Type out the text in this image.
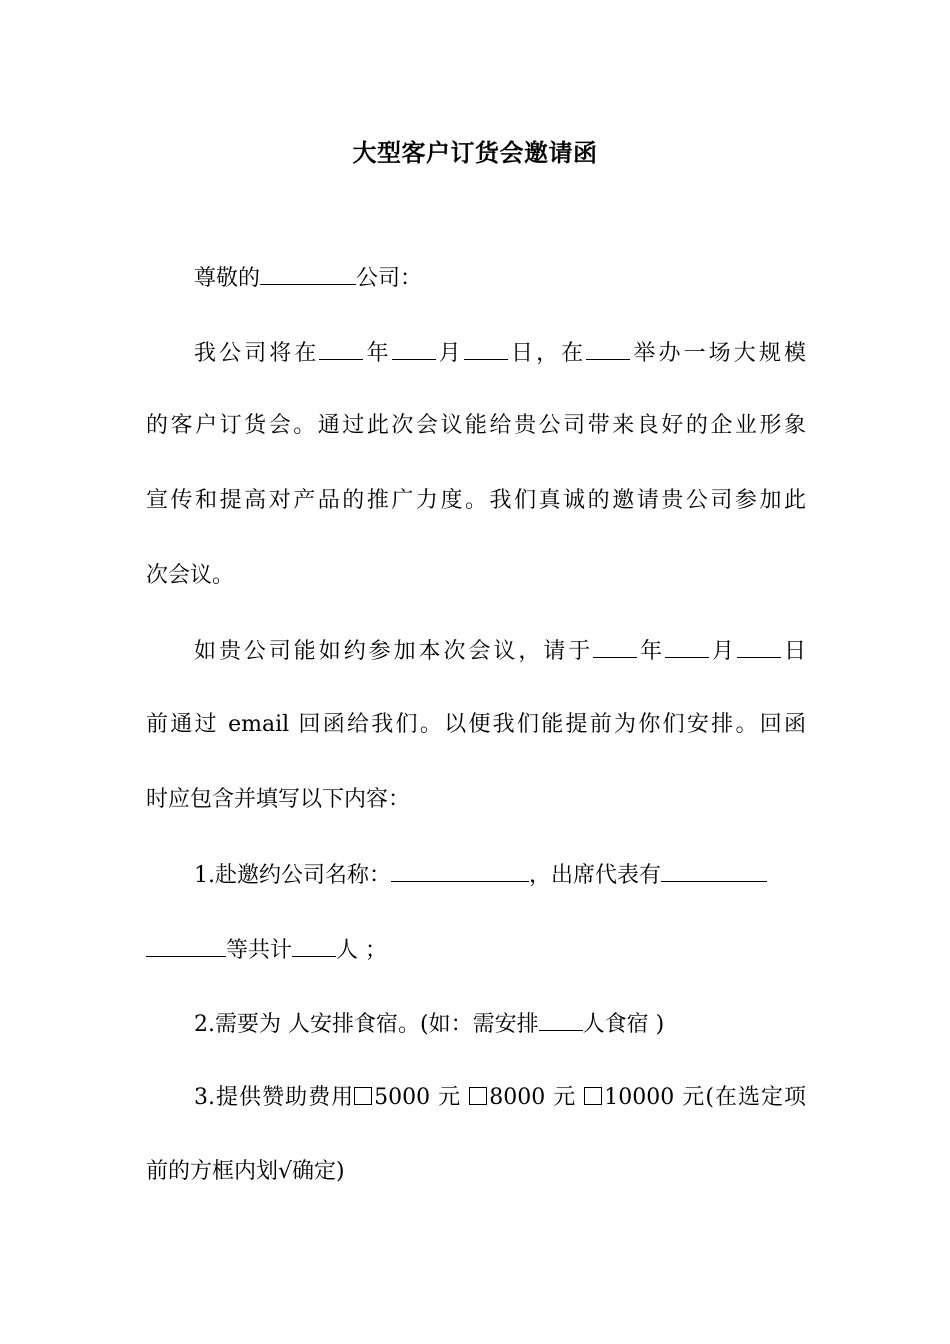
大型客户订货会邀请函
尊敬的	公司：
我公司将在 年 月 日，在 举办一场大规模
的客户订货会。通过此次会议能给贵公司带来良好的企业形象
宣传和提高对产品的推广力度。我们真诚的邀请贵公司参加此
次会议。
如贵公司能如约参加本次会议，请于 年 月 日
前通过 email 回函给我们。以便我们能提前为你们安排。回函
时应包含并填写以下内容：
1.赴邀约公司名称：	，出席代表有
等共计 人 ；
2.需要为 人安排食宿。(如：需安排 人食宿 )
3.提供赞助费用 5000 元 8000 元 10000 元(在选定项
前的方框内划√确定)
